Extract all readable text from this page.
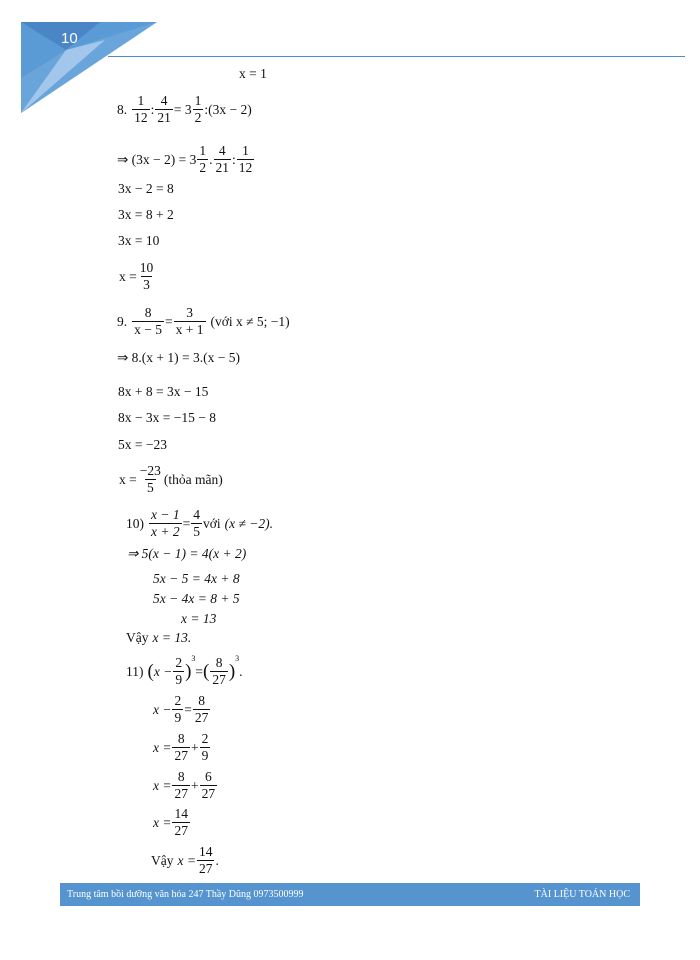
10
x = 1
8. $\frac{1}{12}$ : $\frac{4}{21} = 3 \frac{1}{2}$ :(3x − 2)
⇒ $(3x - 2) = 3 \frac{1}{2}$ . $\frac{4}{21}$ : $\frac{1}{12}$
3x − 2 = 8
3x = 8 + 2
3x = 10
$x = \frac{10}{3}$
9. $\frac{8}{x - 5} = \frac{3}{x + 1}$ (với x ≠ 5; −1)
⇒ 8.(x + 1) = 3.(x − 5)
8x + 8 = 3x − 15
8x − 3x = −15 − 8
5x = −23
$x = \frac{-23}{5}$ (thỏa mãn)
$10) \frac{x - 1}{x + 2} = \frac{4}{5}$ với (x ≠ −2).
⇒ 5(x − 1) = 4(x + 2)
5x − 5 = 4x + 8
5x − 4x = 8 + 5
x = 13
Vậy x = 13.
11) ( $x - \frac{2}{9}$ )
3
= ( $\frac{8}{27}$ )
3
.
$x - \frac{2}{9} = \frac{8}{27}$
$x = \frac{8}{27} + \frac{2}{9}$
$x = \frac{8}{27} + \frac{6}{27}$
$x = \frac{14}{27}$
Vậy $x = \frac{14}{27}$ .
Trung tâm bồi dưỡng văn hóa 247 Thầy Dũng 0973500999	TÀI LIỆU TOÁN HỌC
